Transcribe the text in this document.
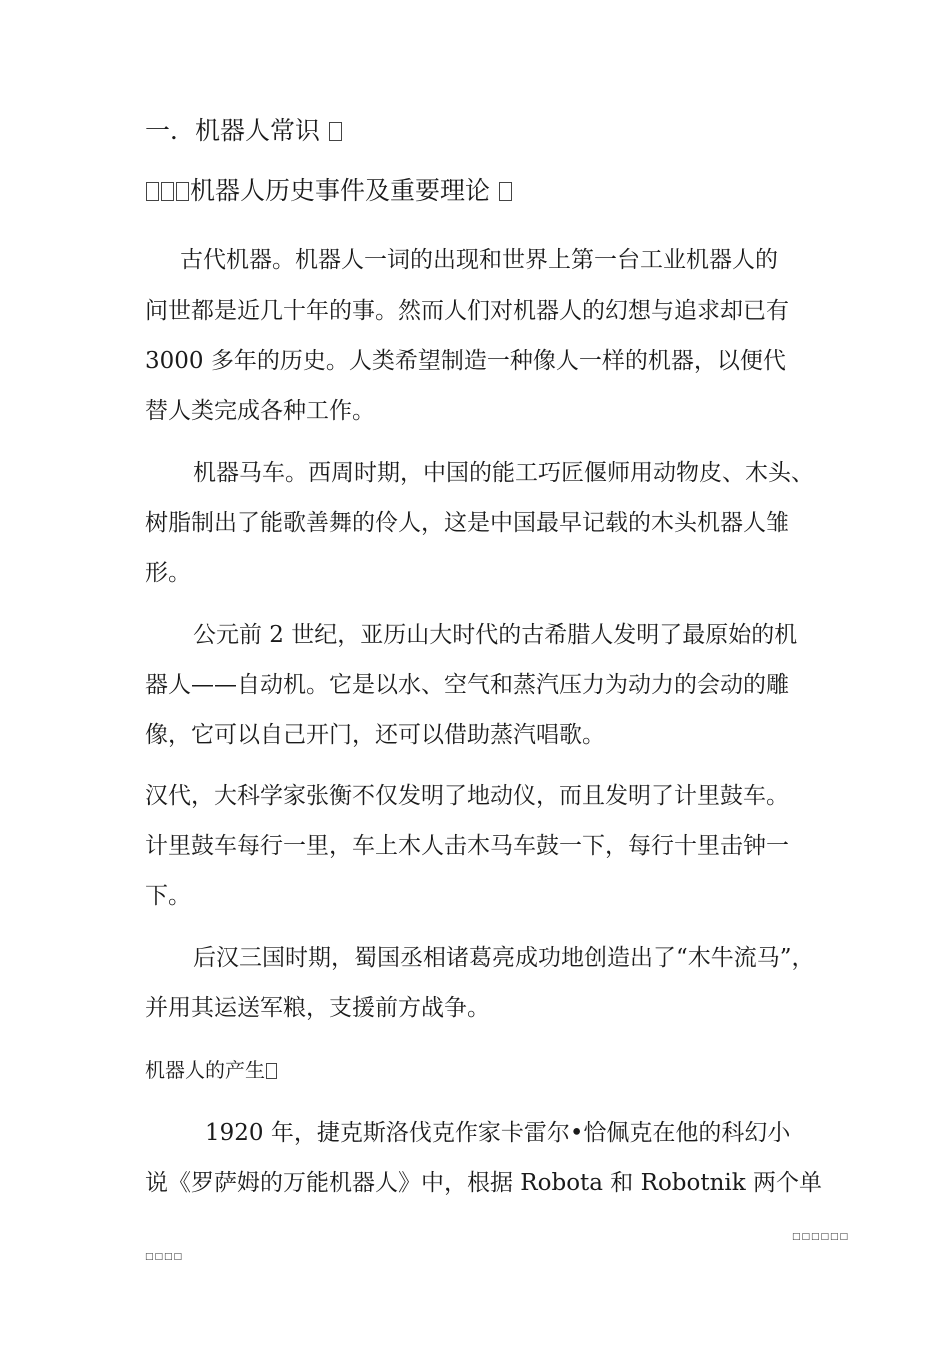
一．机器人常识
机器人历史事件及重要理论
古代机器。机器人一词的出现和世界上第一台工业机器人的
问世都是近几十年的事。然而人们对机器人的幻想与追求却已有
3000 多年的历史。人类希望制造一种像人一样的机器，以便代
替人类完成各种工作。
机器马车。西周时期，中国的能工巧匠偃师用动物皮、木头、
树脂制出了能歌善舞的伶人，这是中国最早记载的木头机器人雏
形。
公元前 2 世纪，亚历山大时代的古希腊人发明了最原始的机
器人——自动机。它是以水、空气和蒸汽压力为动力的会动的雕
像，它可以自己开门，还可以借助蒸汽唱歌。
汉代，大科学家张衡不仅发明了地动仪，而且发明了计里鼓车。
计里鼓车每行一里，车上木人击木马车鼓一下，每行十里击钟一
下。
后汉三国时期，蜀国丞相诸葛亮成功地创造出了“木牛流马”，
并用其运送军粮，支援前方战争。
机器人的产生
1920 年，捷克斯洛伐克作家卡雷尔•恰佩克在他的科幻小
说《罗萨姆的万能机器人》中，根据 Robota 和 Robotnik 两个单
□□□□□□
□□□□
